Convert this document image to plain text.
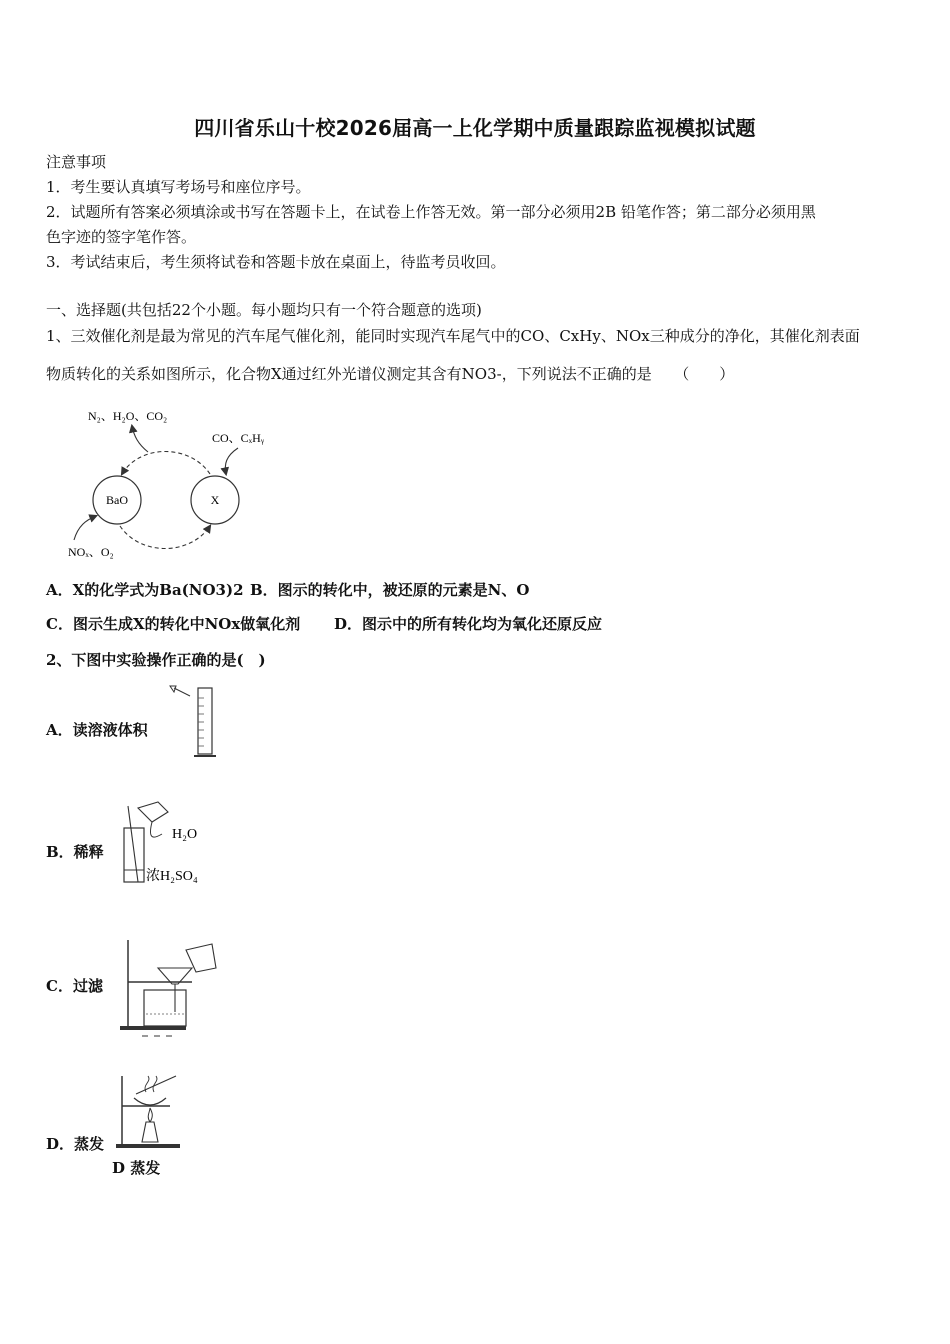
四川省乐山十校2026届高一上化学期中质量跟踪监视模拟试题
注意事项
1．考生要认真填写考场号和座位序号。
2．试题所有答案必须填涂或书写在答题卡上，在试卷上作答无效。第一部分必须用2B 铅笔作答；第二部分必须用黑
色字迹的签字笔作答。
3．考试结束后，考生须将试卷和答题卡放在桌面上，待监考员收回。
一、选择题(共包括22个小题。每小题均只有一个符合题意的选项)
1、三效催化剂是最为常见的汽车尾气催化剂，能同时实现汽车尾气中的CO、CxHy、NOx三种成分的净化，其催化剂表面
物质转化的关系如图所示，化合物X通过红外光谱仪测定其含有NO3-，下列说法不正确的是　　（　　）
N₂、H₂O、CO₂
CO、CₓHᵧ
NOₓ、O₂
BaO	X
A．X的化学式为Ba(NO3)2 B．图示的转化中，被还原的元素是N、O
C．图示生成X的转化中NOx做氧化剂 D．图示中的所有转化均为氧化还原反应
2、下图中实验操作正确的是(　)
A．读溶液体积
B．稀释
H₂O
浓H₂SO₄
C．过滤
D．蒸发
D 蒸发
